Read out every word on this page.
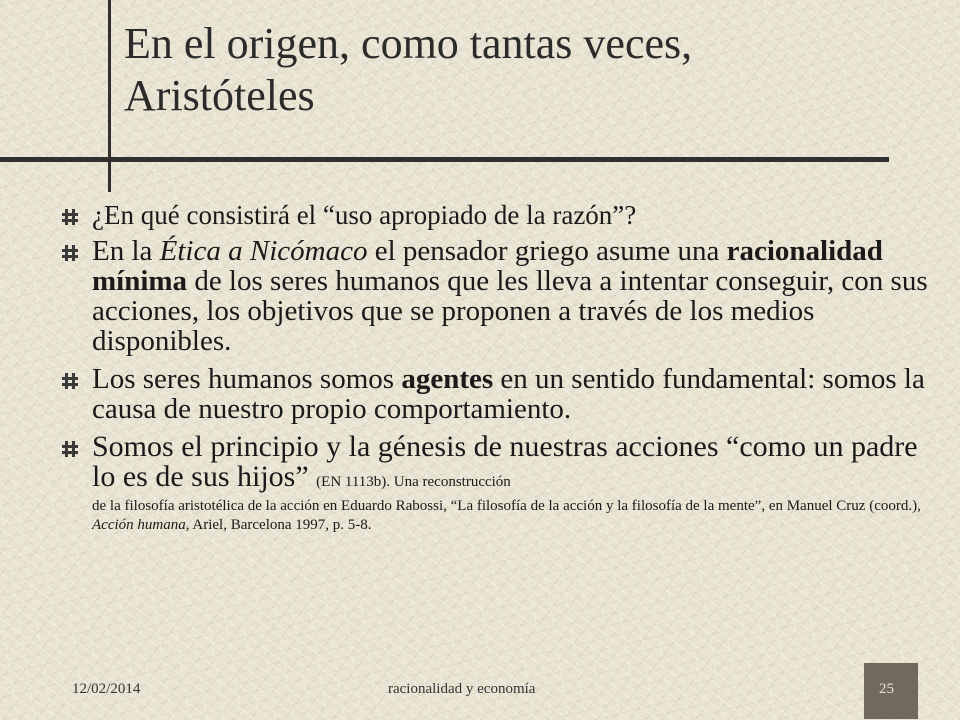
En el origen, como tantas veces,
Aristóteles
¿En qué consistirá el “uso apropiado de la razón”?
En la Ética a Nicómaco el pensador griego asume una racionalidad mínima de los seres humanos que les lleva a intentar conseguir, con sus acciones, los objetivos que se proponen a través de los medios disponibles.
Los seres humanos somos agentes en un sentido fundamental: somos la causa de nuestro propio comportamiento.
Somos el principio y la génesis de nuestras acciones “como un padre lo es de sus hijos” (EN 1113b). Una reconstrucción
de la filosofía aristotélica de la acción en Eduardo Rabossi, “La filosofía de la acción y la filosofía de la mente”, en Manuel Cruz (coord.), Acción humana, Ariel, Barcelona 1997, p. 5-8.
12/02/2014	racionalidad y economía	25
